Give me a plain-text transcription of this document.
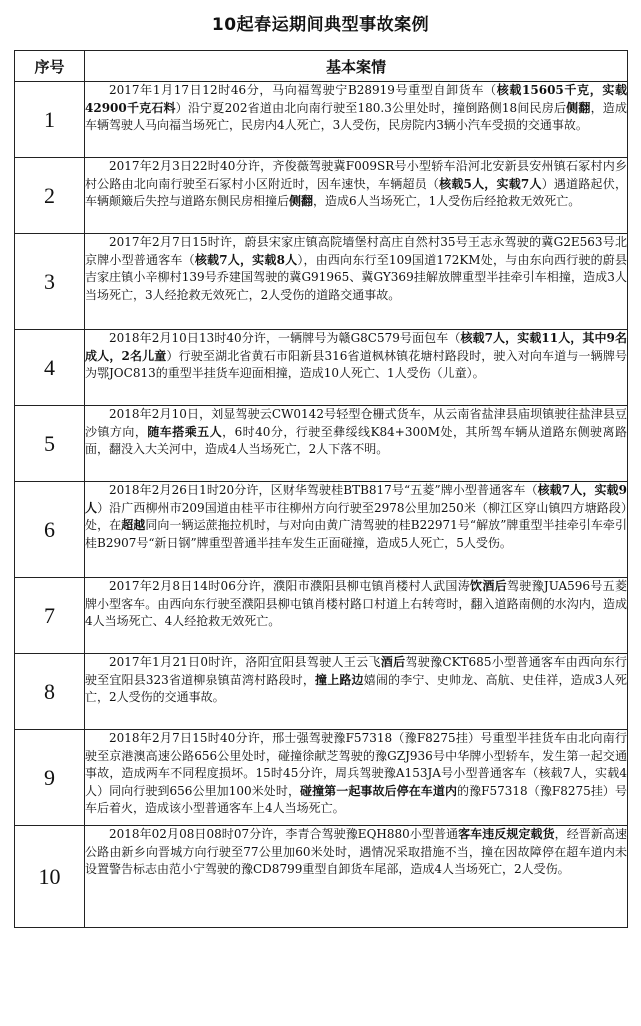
10起春运期间典型事故案例
序号	基本案情
1	2017年1月17日12时46分，马向福驾驶宁B28919号重型自卸货车（核载15605千克，实载42900千克石料）沿宁夏202省道由北向南行驶至180.3公里处时，撞倒路侧18间民房后侧翻，造成车辆驾驶人马向福当场死亡，民房内4人死亡，3人受伤，民房院内3辆小汽车受损的交通事故。

2	2017年2月3日22时40分许，齐俊薇驾驶冀F009SR号小型轿车沿河北安新县安州镇石冢村内乡村公路由北向南行驶至石冢村小区附近时，因车速快，车辆超员（核载5人，实载7人）遇道路起伏，车辆颠簸后失控与道路东侧民房相撞后侧翻，造成6人当场死亡，1人受伤后经抢救无效死亡。

3	2017年2月7日15时许，蔚县宋家庄镇高院墙堡村高庄自然村35号王志永驾驶的冀G2E563号北京牌小型普通客车（核载7人，实载8人），由西向东行至109国道172KM处，与由东向西行驶的蔚县吉家庄镇小辛柳村139号乔建国驾驶的冀G91965、冀GY369挂解放牌重型半挂牵引车相撞，造成3人当场死亡，3人经抢救无效死亡，2人受伤的道路交通事故。

4	2018年2月10日13时40分许，一辆牌号为赣G8C579号面包车（核载7人，实载11人，其中9名成人，2名儿童）行驶至湖北省黄石市阳新县316省道枫林镇花塘村路段时，驶入对向车道与一辆牌号为鄂JOC813的重型半挂货车迎面相撞，造成10人死亡、1人受伤（儿童）。

5	2018年2月10日，刘显驾驶云CW0142号轻型仓栅式货车，从云南省盐津县庙坝镇驶往盐津县豆沙镇方向，随车搭乘五人，6时40分，行驶至彝绥线K84+300M处，其所驾车辆从道路东侧驶离路面，翻没入大关河中，造成4人当场死亡，2人下落不明。

6	2018年2月26日1时20分许，区财华驾驶桂BTB817号“五菱”牌小型普通客车（核载7人，实载9人）沿广西柳州市209国道由桂平市往柳州方向行驶至2978公里加250米（柳江区穿山镇四方塘路段）处，在超越同向一辆运蔗拖拉机时，与对向由黄广清驾驶的桂B22971号“解放”牌重型半挂牵引车牵引桂B2907号“新日钢”牌重型普通半挂车发生正面碰撞，造成5人死亡，5人受伤。

7	2017年2月8日14时06分许，濮阳市濮阳县柳屯镇肖楼村人武国涛饮酒后驾驶豫JUA596号五菱牌小型客车。由西向东行驶至濮阳县柳屯镇肖楼村路口村道上右转弯时，翻入道路南侧的水沟内，造成4人当场死亡、4人经抢救无效死亡。

8	2017年1月21日0时许，洛阳宜阳县驾驶人王云飞酒后驾驶豫CKT685小型普通客车由西向东行驶至宜阳县323省道柳泉镇苗湾村路段时，撞上路边嬉闹的李宁、史帅龙、高航、史佳祥，造成3人死亡，2人受伤的交通事故。

9	2018年2月7日15时40分许，邢士强驾驶豫F57318（豫F8275挂）号重型半挂货车由北向南行驶至京港澳高速公路656公里处时，碰撞徐献芝驾驶的豫GZJ936号中华牌小型轿车，发生第一起交通事故，造成两车不同程度损坏。15时45分许，周兵驾驶豫A153JA号小型普通客车（核载7人，实载4人）同向行驶到656公里加100米处时，碰撞第一起事故后停在车道内的豫F57318（豫F8275挂）号车后着火，造成该小型普通客车上4人当场死亡。

10	2018年02月08日08时07分许，李青合驾驶豫EQH880小型普通客车违反规定载货，经晋新高速公路由新乡向晋城方向行驶至77公里加60米处时，遇情况采取措施不当，撞在因故障停在超车道内未设置警告标志由范小宁驾驶的豫CD8799重型自卸货车尾部，造成4人当场死亡，2人受伤。
